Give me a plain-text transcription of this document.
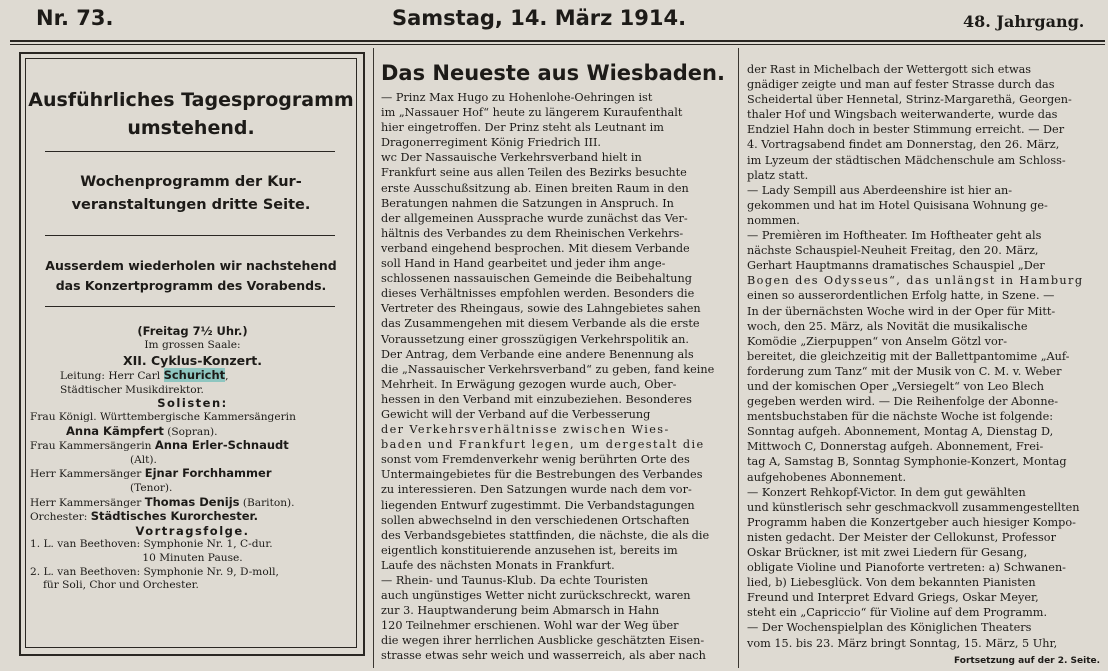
Nr. 73.	Samstag, 14. März 1914.	48. Jahrgang.
Ausführliches Tagesprogramm
umstehend.
Wochenprogramm der Kur-
veranstaltungen dritte Seite.
Ausserdem wiederholen wir nachstehend
das Konzertprogramm des Vorabends.
(Freitag 7½ Uhr.)
Im grossen Saale:
XII. Cyklus-Konzert.
Leitung: Herr Carl Schuricht,
Städtischer Musikdirektor.
Solisten:
Frau Königl. Württembergische Kammersängerin
Anna Kämpfert (Sopran).
Frau Kammersängerin Anna Erler-Schnaudt
(Alt).
Herr Kammersänger Ejnar Forchhammer
(Tenor).
Herr Kammersänger Thomas Denijs (Bariton).
Orchester: Städtisches Kurorchester.
Vortragsfolge.
1. L. van Beethoven: Symphonie Nr. 1, C-dur.
10 Minuten Pause.
2. L. van Beethoven: Symphonie Nr. 9, D-moll,
für Soli, Chor und Orchester.
Das Neueste aus Wiesbaden.

— Prinz Max Hugo zu Hohenlohe-Oehringen ist

im „Nassauer Hof“ heute zu längerem Kuraufenthalt

hier eingetroffen. Der Prinz steht als Leutnant im

Dragonerregiment König Friedrich III.

wc Der Nassauische Verkehrsverband hielt in

Frankfurt seine aus allen Teilen des Bezirks besuchte

erste Ausschußsitzung ab. Einen breiten Raum in den

Beratungen nahmen die Satzungen in Anspruch. In

der allgemeinen Aussprache wurde zunächst das Ver-

hältnis des Verbandes zu dem Rheinischen Verkehrs-

verband eingehend besprochen. Mit diesem Verbande

soll Hand in Hand gearbeitet und jeder ihm ange-

schlossenen nassauischen Gemeinde die Beibehaltung

dieses Verhältnisses empfohlen werden. Besonders die

Vertreter des Rheingaus, sowie des Lahngebietes sahen

das Zusammengehen mit diesem Verbande als die erste

Voraussetzung einer grosszügigen Verkehrspolitik an.

Der Antrag, dem Verbande eine andere Benennung als

die „Nassauischer Verkehrsverband“ zu geben, fand keine

Mehrheit. In Erwägung gezogen wurde auch, Ober-

hessen in den Verband mit einzubeziehen. Besonderes

Gewicht will der Verband auf die Verbesserung

der Verkehrsverhältnisse zwischen Wies-

baden und Frankfurt legen, um dergestalt die

sonst vom Fremdenverkehr wenig berührten Orte des

Untermaingebietes für die Bestrebungen des Verbandes

zu interessieren. Den Satzungen wurde nach dem vor-

liegenden Entwurf zugestimmt. Die Verbandstagungen

sollen abwechselnd in den verschiedenen Ortschaften

des Verbandsgebietes stattfinden, die nächste, die als die

eigentlich konstituierende anzusehen ist, bereits im

Laufe des nächsten Monats in Frankfurt.

— Rhein- und Taunus-Klub. Da echte Touristen

auch ungünstiges Wetter nicht zurückschreckt, waren

zur 3. Hauptwanderung beim Abmarsch in Hahn

120 Teilnehmer erschienen. Wohl war der Weg über

die wegen ihrer herrlichen Ausblicke geschätzten Eisen-

strasse etwas sehr weich und wasserreich, als aber nach

der Rast in Michelbach der Wettergott sich etwas

gnädiger zeigte und man auf fester Strasse durch das

Scheidertal über Hennetal, Strinz-Margarethä, Georgen-

thaler Hof und Wingsbach weiterwanderte, wurde das

Endziel Hahn doch in bester Stimmung erreicht. — Der

4. Vortragsabend findet am Donnerstag, den 26. März,

im Lyzeum der städtischen Mädchenschule am Schloss-

platz statt.

— Lady Sempill aus Aberdeenshire ist hier an-

gekommen und hat im Hotel Quisisana Wohnung ge-

nommen.

— Premièren im Hoftheater. Im Hoftheater geht als

nächste Schauspiel-Neuheit Freitag, den 20. März,

Gerhart Hauptmanns dramatisches Schauspiel „Der

Bogen des Odysseus“, das unlängst in Hamburg

einen so ausserordentlichen Erfolg hatte, in Szene. —

In der übernächsten Woche wird in der Oper für Mitt-

woch, den 25. März, als Novität die musikalische

Komödie „Zierpuppen“ von Anselm Götzl vor-

bereitet, die gleichzeitig mit der Ballettpantomime „Auf-

forderung zum Tanz“ mit der Musik von C. M. v. Weber

und der komischen Oper „Versiegelt“ von Leo Blech

gegeben werden wird. — Die Reihenfolge der Abonne-

mentsbuchstaben für die nächste Woche ist folgende:

Sonntag aufgeh. Abonnement, Montag A, Dienstag D,

Mittwoch C, Donnerstag aufgeh. Abonnement, Frei-

tag A, Samstag B, Sonntag Symphonie-Konzert, Montag

aufgehobenes Abonnement.

— Konzert Rehkopf-Victor. In dem gut gewählten

und künstlerisch sehr geschmackvoll zusammengestellten

Programm haben die Konzertgeber auch hiesiger Kompo-

nisten gedacht. Der Meister der Cellokunst, Professor

Oskar Brückner, ist mit zwei Liedern für Gesang,

obligate Violine und Pianoforte vertreten: a) Schwanen-

lied, b) Liebesglück. Von dem bekannten Pianisten

Freund und Interpret Edvard Griegs, Oskar Meyer,

steht ein „Capriccio“ für Violine auf dem Programm.

— Der Wochenspielplan des Königlichen Theaters

vom 15. bis 23. März bringt Sonntag, 15. März, 5 Uhr,

Fortsetzung auf der 2. Seite.
